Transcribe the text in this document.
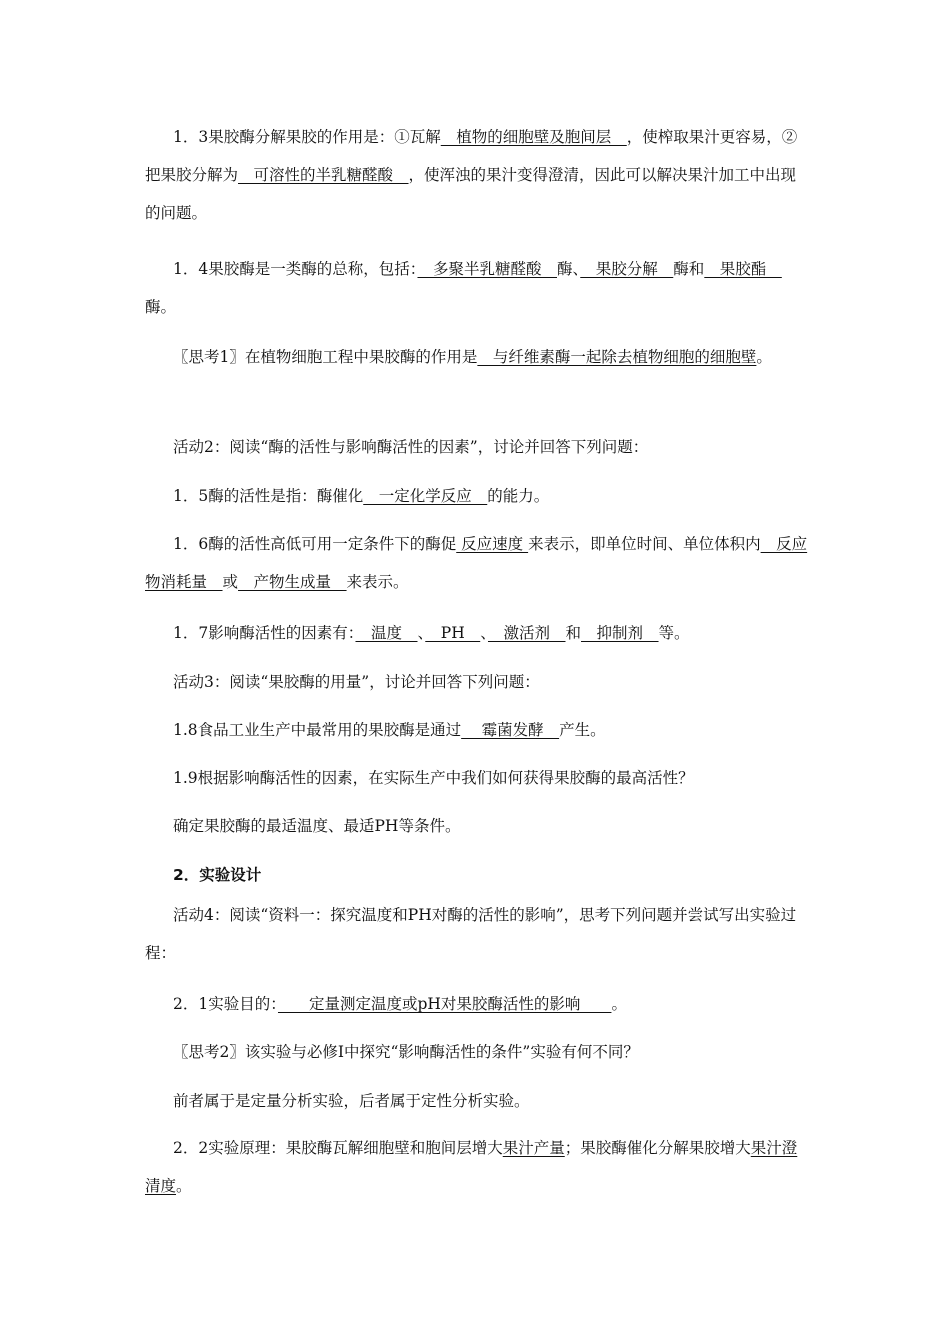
1．3果胶酶分解果胶的作用是：①瓦解　植物的细胞壁及胞间层　，使榨取果汁更容易，②把果胶分解为　可溶性的半乳糖醛酸　，使浑浊的果汁变得澄清，因此可以解决果汁加工中出现的问题。
1．4果胶酶是一类酶的总称，包括：　多聚半乳糖醛酸　酶、　果胶分解　酶和　果胶酯　酶。
〖思考1〗在植物细胞工程中果胶酶的作用是　与纤维素酶一起除去植物细胞的细胞壁。
活动2：阅读“酶的活性与影响酶活性的因素”，讨论并回答下列问题：
1．5酶的活性是指：酶催化　一定化学反应　的能力。
1．6酶的活性高低可用一定条件下的酶促 反应速度 来表示，即单位时间、单位体积内　反应物消耗量　或　产物生成量　来表示。
1．7影响酶活性的因素有：　温度　、　PH　、　激活剂　和　抑制剂　等。
活动3：阅读“果胶酶的用量”，讨论并回答下列问题：
1.8食品工业生产中最常用的果胶酶是通过　 霉菌发酵　产生。
1.9根据影响酶活性的因素，在实际生产中我们如何获得果胶酶的最高活性？
确定果胶酶的最适温度、最适PH等条件。
2．实验设计
活动4：阅读“资料一：探究温度和PH对酶的活性的影响”，思考下列问题并尝试写出实验过程：
2．1实验目的：　　定量测定温度或pH对果胶酶活性的影响　　。
〖思考2〗该实验与必修Ⅰ中探究“影响酶活性的条件”实验有何不同？
前者属于是定量分析实验，后者属于定性分析实验。
2．2实验原理：果胶酶瓦解细胞壁和胞间层增大果汁产量；果胶酶催化分解果胶增大果汁澄清度。
